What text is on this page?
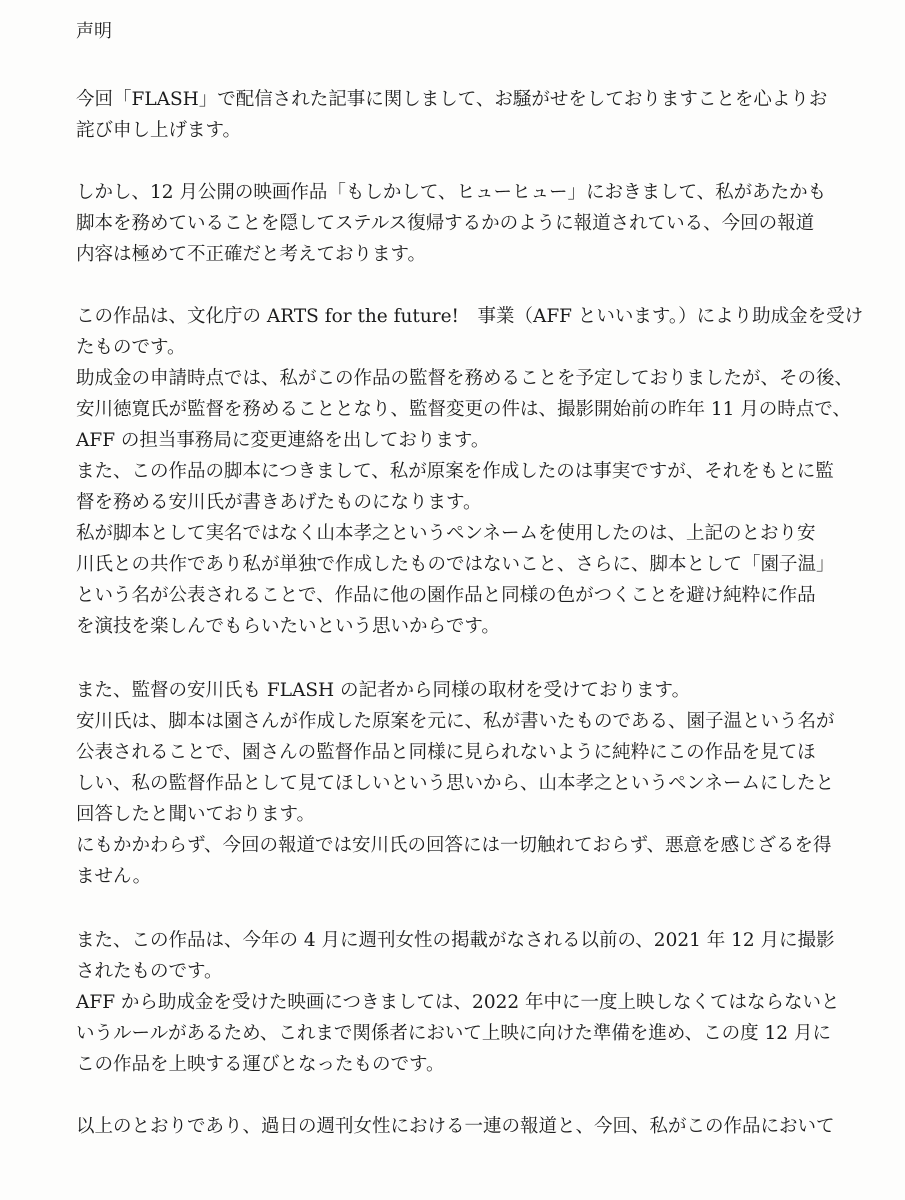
声明
今回「FLASH」で配信された記事に関しまして、お騒がせをしておりますことを心よりお
詫び申し上げます。
しかし、12 月公開の映画作品「もしかして、ヒューヒュー」におきまして、私があたかも
脚本を務めていることを隠してステルス復帰するかのように報道されている、今回の報道
内容は極めて不正確だと考えております。
この作品は、文化庁の ARTS for the future!　事業（AFF といいます。）により助成金を受け
たものです。
助成金の申請時点では、私がこの作品の監督を務めることを予定しておりましたが、その後、
安川徳寛氏が監督を務めることとなり、監督変更の件は、撮影開始前の昨年 11 月の時点で、
AFF の担当事務局に変更連絡を出しております。
また、この作品の脚本につきまして、私が原案を作成したのは事実ですが、それをもとに監
督を務める安川氏が書きあげたものになります。
私が脚本として実名ではなく山本孝之というペンネームを使用したのは、上記のとおり安
川氏との共作であり私が単独で作成したものではないこと、さらに、脚本として「園子温」
という名が公表されることで、作品に他の園作品と同様の色がつくことを避け純粋に作品
を演技を楽しんでもらいたいという思いからです。
また、監督の安川氏も FLASH の記者から同様の取材を受けております。
安川氏は、脚本は園さんが作成した原案を元に、私が書いたものである、園子温という名が
公表されることで、園さんの監督作品と同様に見られないように純粋にこの作品を見てほ
しい、私の監督作品として見てほしいという思いから、山本孝之というペンネームにしたと
回答したと聞いております。
にもかかわらず、今回の報道では安川氏の回答には一切触れておらず、悪意を感じざるを得
ません。
また、この作品は、今年の 4 月に週刊女性の掲載がなされる以前の、2021 年 12 月に撮影
されたものです。
AFF から助成金を受けた映画につきましては、2022 年中に一度上映しなくてはならないと
いうルールがあるため、これまで関係者において上映に向けた準備を進め、この度 12 月に
この作品を上映する運びとなったものです。
以上のとおりであり、過日の週刊女性における一連の報道と、今回、私がこの作品において
